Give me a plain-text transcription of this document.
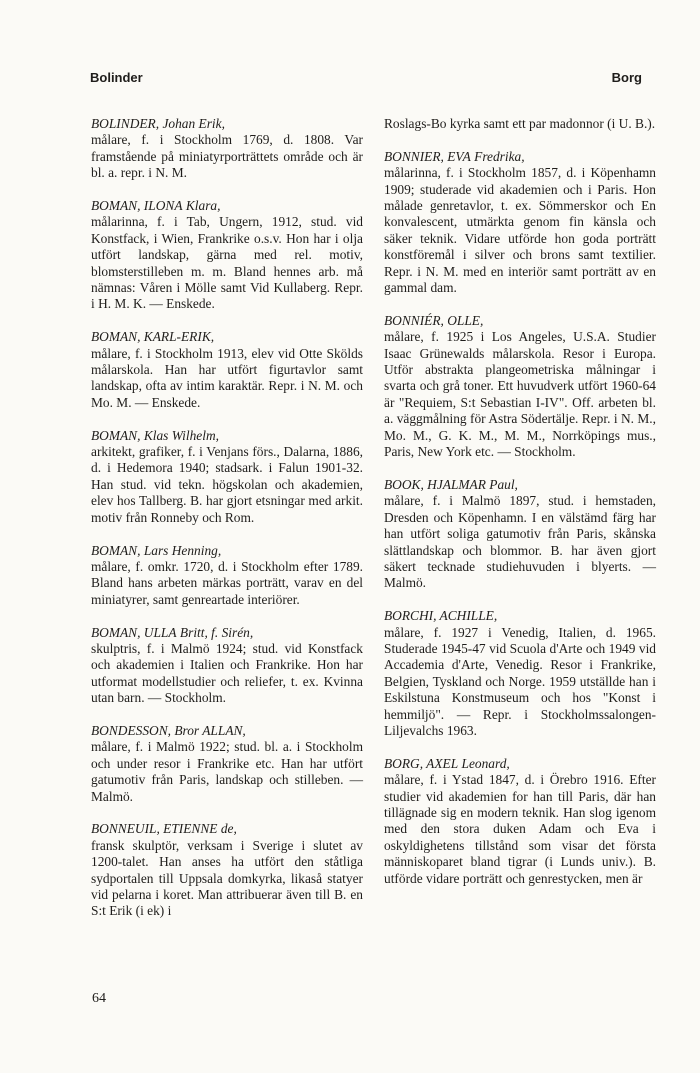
Bolinder	Borg
BOLINDER, Johan Erik,
målare, f. i Stockholm 1769, d. 1808. Var framstående på miniatyrporträttets område och är bl. a. repr. i N. M.
BOMAN, ILONA Klara,
målarinna, f. i Tab, Ungern, 1912, stud. vid Konstfack, i Wien, Frankrike o.s.v. Hon har i olja utfört landskap, gärna med rel. motiv, blomsterstilleben m. m. Bland hennes arb. må nämnas: Våren i Mölle samt Vid Kullaberg. Repr. i H. M. K. — Enskede.
BOMAN, KARL-ERIK,
målare, f. i Stockholm 1913, elev vid Otte Skölds målarskola. Han har utfört figurtavlor samt landskap, ofta av intim karaktär. Repr. i N. M. och Mo. M. — Enskede.
BOMAN, Klas Wilhelm,
arkitekt, grafiker, f. i Venjans förs., Dalarna, 1886, d. i Hedemora 1940; stadsark. i Falun 1901-32. Han stud. vid tekn. högskolan och akademien, elev hos Tallberg. B. har gjort etsningar med arkit. motiv från Ronneby och Rom.
BOMAN, Lars Henning,
målare, f. omkr. 1720, d. i Stockholm efter 1789. Bland hans arbeten märkas porträtt, varav en del miniatyrer, samt genreartade interiörer.
BOMAN, ULLA Britt, f. Sirén,
skulptris, f. i Malmö 1924; stud. vid Konstfack och akademien i Italien och Frankrike. Hon har utformat modellstudier och reliefer, t. ex. Kvinna utan barn. — Stockholm.
BONDESSON, Bror ALLAN,
målare, f. i Malmö 1922; stud. bl. a. i Stockholm och under resor i Frankrike etc. Han har utfört gatumotiv från Paris, landskap och stilleben. — Malmö.
BONNEUIL, ETIENNE de,
fransk skulptör, verksam i Sverige i slutet av 1200-talet. Han anses ha utfört den ståtliga sydportalen till Uppsala domkyrka, likaså statyer vid pelarna i koret. Man attribuerar även till B. en S:t Erik (i ek) i
Roslags-Bo kyrka samt ett par madonnor (i U. B.).
BONNIER, EVA Fredrika,
målarinna, f. i Stockholm 1857, d. i Köpenhamn 1909; studerade vid akademien och i Paris. Hon målade genretavlor, t. ex. Sömmerskor och En konvalescent, utmärkta genom fin känsla och säker teknik. Vidare utförde hon goda porträtt konstföremål i silver och brons samt textilier. Repr. i N. M. med en interiör samt porträtt av en gammal dam.
BONNIÉR, OLLE,
målare, f. 1925 i Los Angeles, U.S.A. Studier Isaac Grünewalds målarskola. Resor i Europa. Utför abstrakta plangeometriska målningar i svarta och grå toner. Ett huvudverk utfört 1960-64 är "Requiem, S:t Sebastian I-IV". Off. arbeten bl. a. väggmålning för Astra Södertälje. Repr. i N. M., Mo. M., G. K. M., M. M., Norrköpings mus., Paris, New York etc. — Stockholm.
BOOK, HJALMAR Paul,
målare, f. i Malmö 1897, stud. i hemstaden, Dresden och Köpenhamn. I en välstämd färg har han utfört soliga gatumotiv från Paris, skånska slättlandskap och blommor. B. har även gjort säkert tecknade studiehuvuden i blyerts. — Malmö.
BORCHI, ACHILLE,
målare, f. 1927 i Venedig, Italien, d. 1965. Studerade 1945-47 vid Scuola d'Arte och 1949 vid Accademia d'Arte, Venedig. Resor i Frankrike, Belgien, Tyskland och Norge. 1959 utställde han i Eskilstuna Konstmuseum och hos "Konst i hemmiljö". — Repr. i Stockholmssalongen-Liljevalchs 1963.
BORG, AXEL Leonard,
målare, f. i Ystad 1847, d. i Örebro 1916. Efter studier vid akademien for han till Paris, där han tillägnade sig en modern teknik. Han slog igenom med den stora duken Adam och Eva i oskyldighetens tillstånd som visar det första människoparet bland tigrar (i Lunds univ.). B. utförde vidare porträtt och genrestycken, men är
64
